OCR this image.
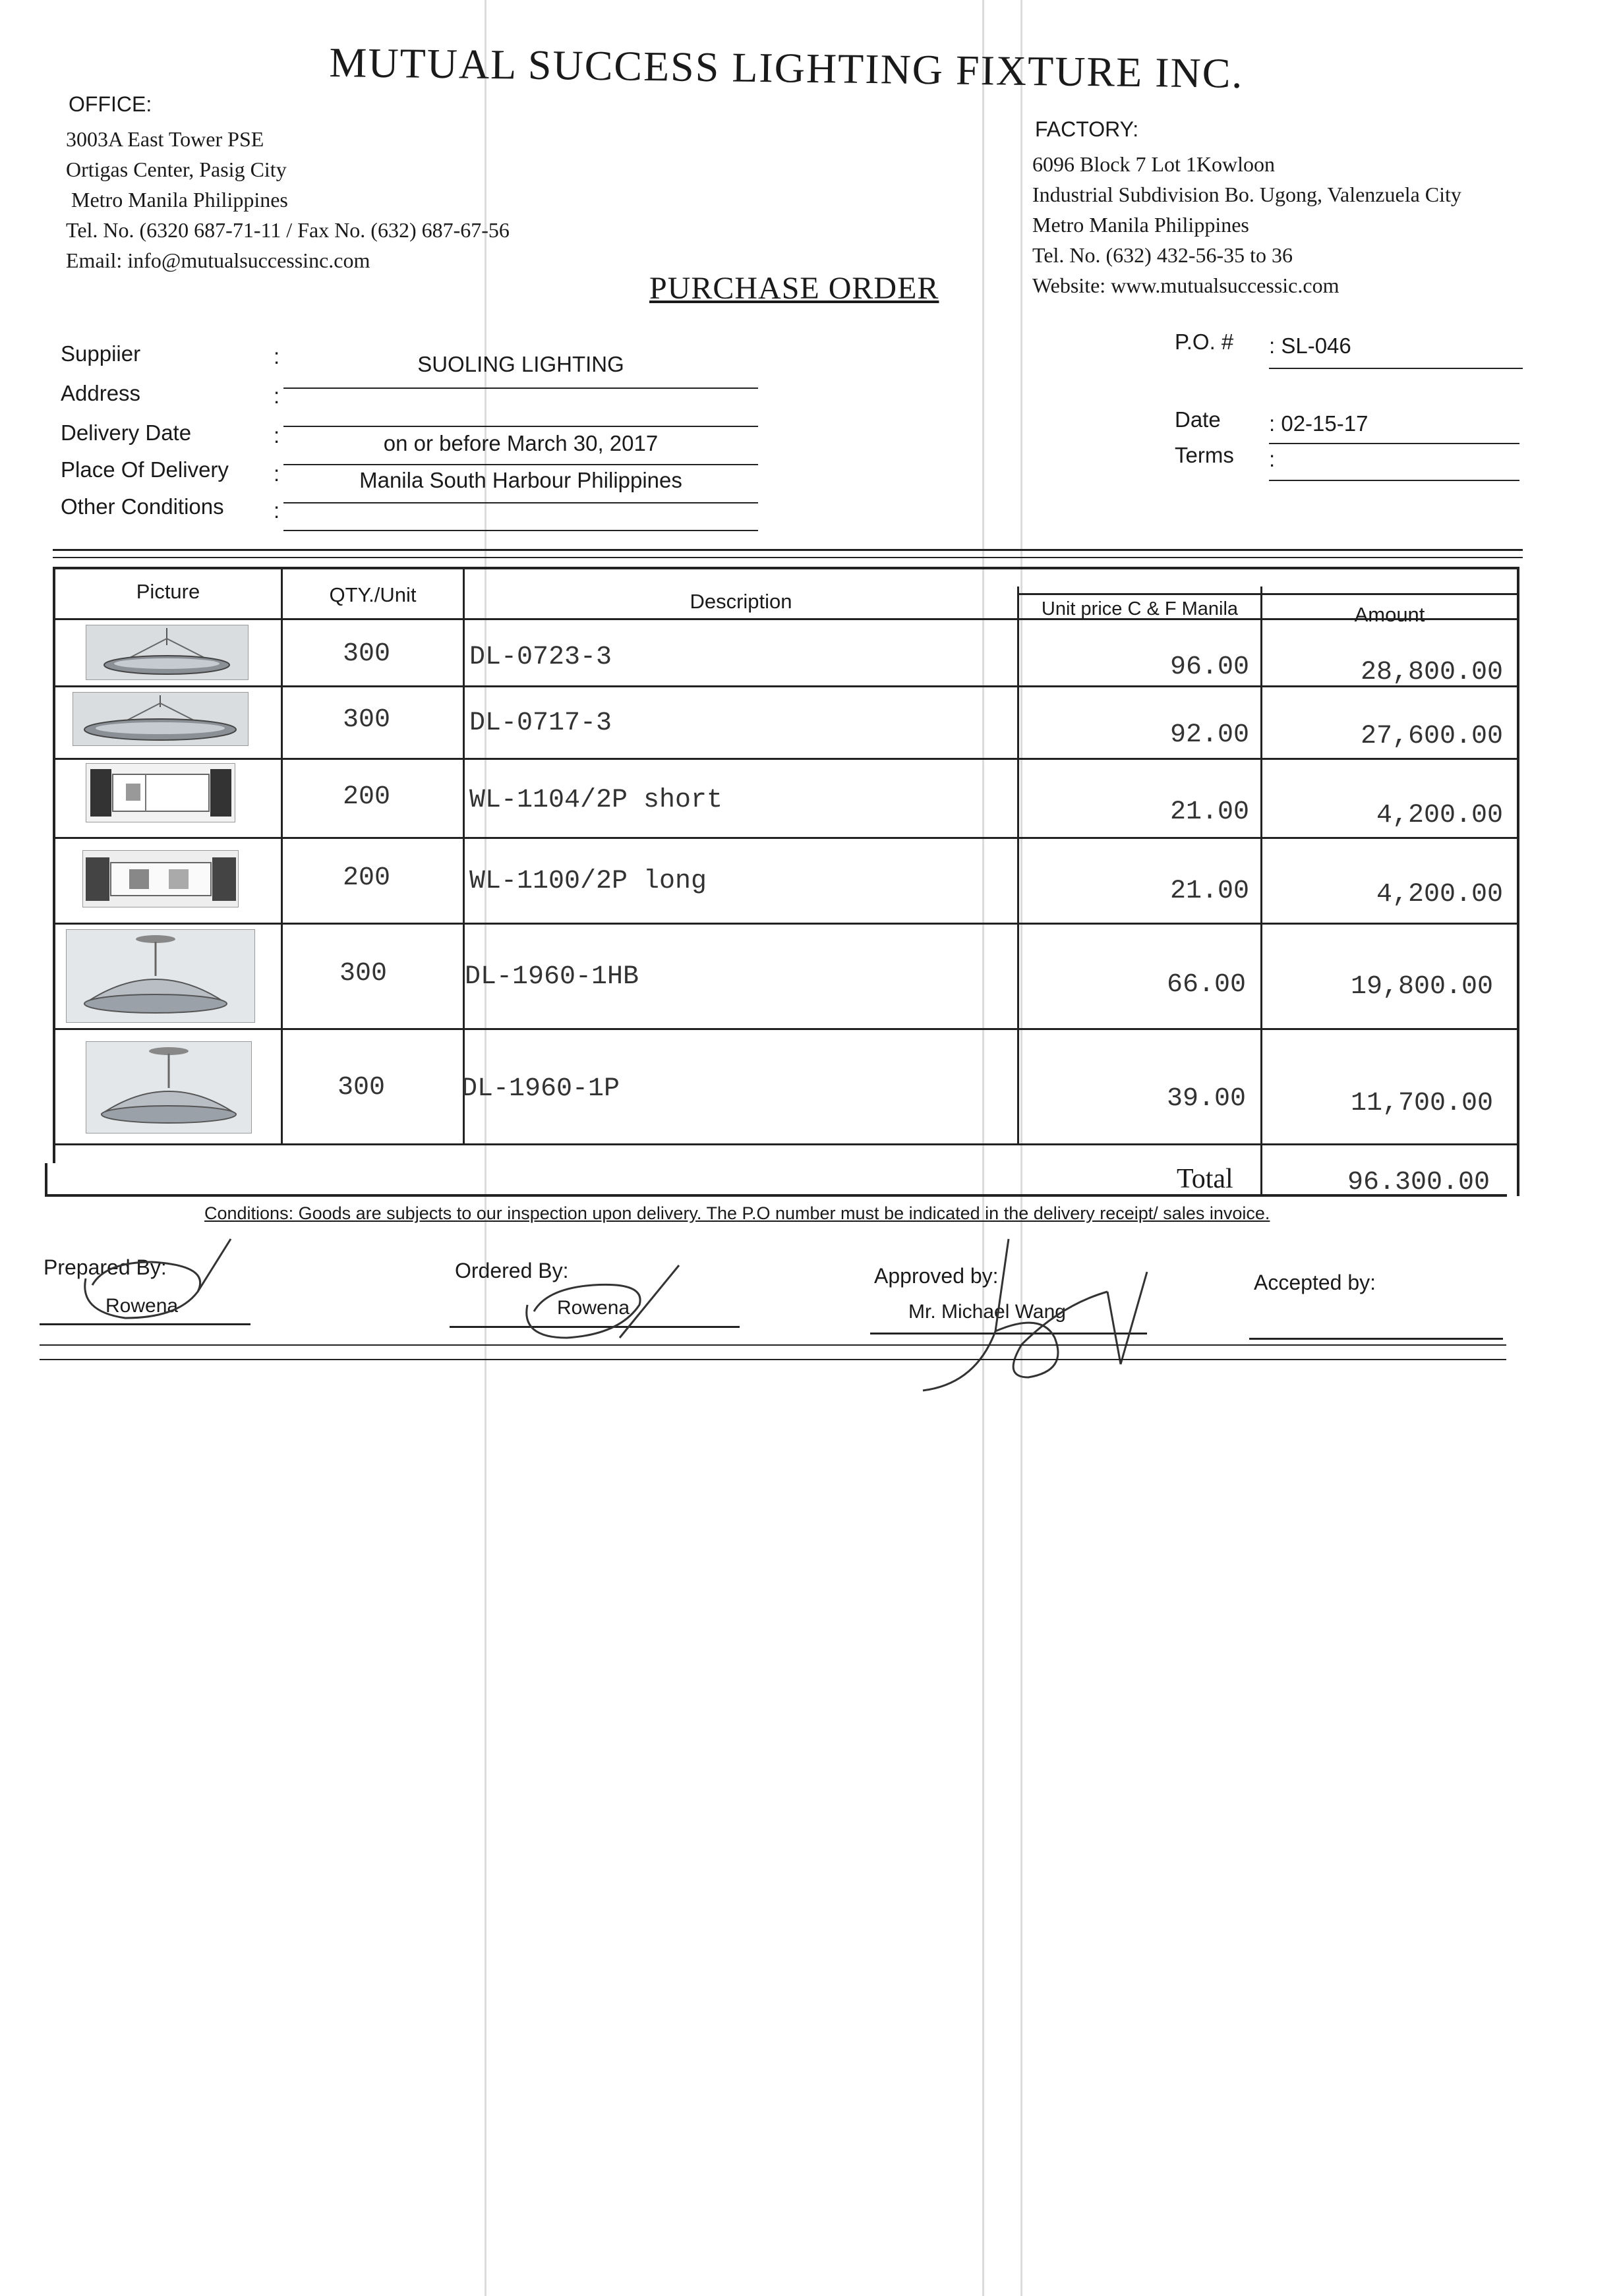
MUTUAL SUCCESS LIGHTING FIXTURE INC.
OFFICE:
3003A East Tower PSE
Ortigas Center, Pasig City
Metro Manila Philippines
Tel. No. (6320 687-71-11 / Fax No. (632) 687-67-56
Email: info@mutualsuccessinc.com
FACTORY:
6096 Block 7 Lot 1Kowloon
Industrial Subdivision Bo. Ugong, Valenzuela City
Metro Manila Philippines
Tel. No. (632) 432-56-35 to 36
Website: www.mutualsuccessic.com
PURCHASE ORDER
Suppiier	:	SUOLING LIGHTING
Address	:
Delivery Date	:	on or before March 30, 2017
Place Of Delivery :	Manila South Harbour Philippines
Other Conditions :
P.O. # : SL-046
Date : 02-15-17
Terms :
Picture	QTY./Unit	Description	Unit price C & F Manila	Amount
300	DL-0723-3	96.00	28,800.00
300	DL-0717-3	92.00	27,600.00
200	WL-1104/2P short	21.00	4,200.00
200	WL-1100/2P long	21.00	4,200.00
300	DL-1960-1HB	66.00	19,800.00
300	DL-1960-1P	39.00	11,700.00
Total	96.300.00
Conditions: Goods are subjects to our inspection upon delivery. The P.O number must be indicated in the delivery receipt/ sales invoice.
Prepared By:
Rowena
Ordered By:
Rowena
Approved by:
Mr. Michael Wang
Accepted by:
